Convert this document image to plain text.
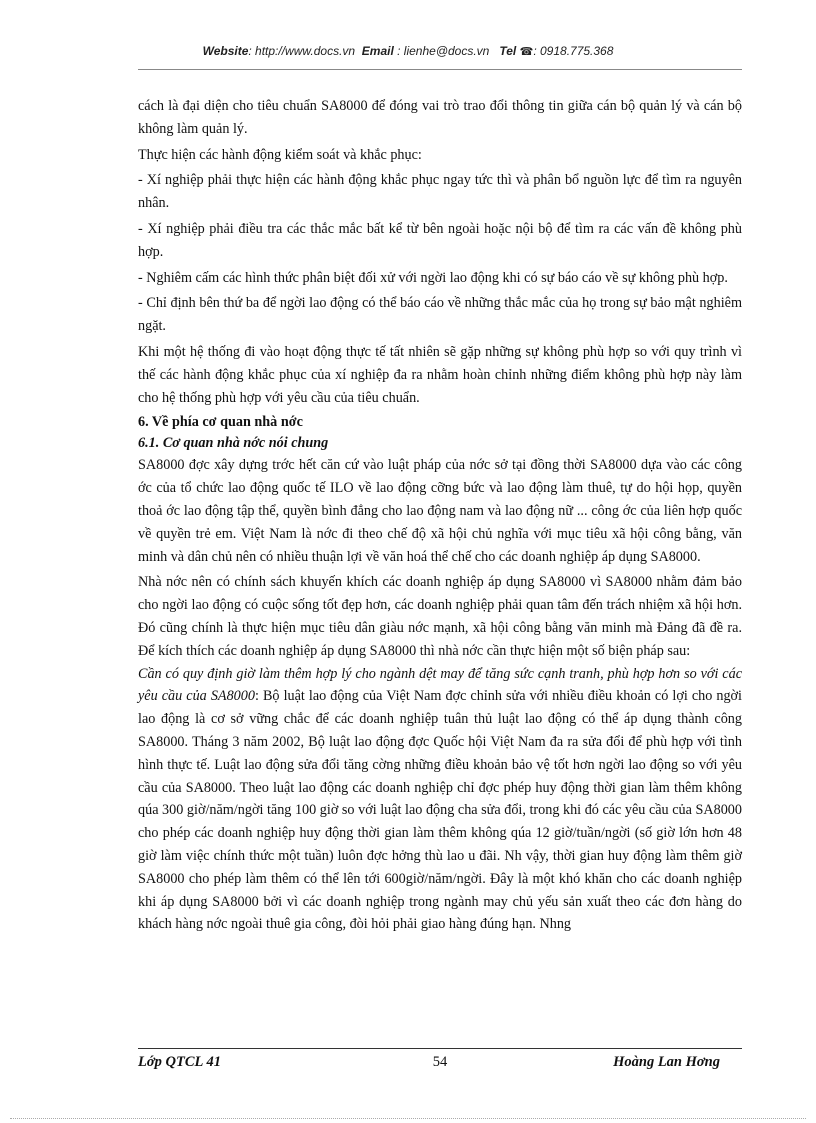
Website: http://www.docs.vn Email : lienhe@docs.vn Tel ☎: 0918.775.368

cách là đại diện cho tiêu chuẩn SA8000 để đóng vai trò trao đổi thông tin giữa cán bộ quản lý và cán bộ không làm quản lý.

Thực hiện các hành động kiểm soát và khắc phục:

- Xí nghiệp phải thực hiện các hành động khắc phục ngay tức thì và phân bổ nguồn lực để tìm ra nguyên nhân.

- Xí nghiệp phải điều tra các thắc mắc bất kể từ bên ngoài hoặc nội bộ để tìm ra các vấn đề không phù hợp.

- Nghiêm cấm các hình thức phân biệt đối xử với ngời lao động khi có sự báo cáo về sự không phù hợp.

- Chỉ định bên thứ ba để ngời lao động có thể báo cáo về những thắc mắc của họ trong sự bảo mật nghiêm ngặt.

Khi một hệ thống đi vào hoạt động thực tế tất nhiên sẽ gặp những sự không phù hợp so với quy trình vì thế các hành động khắc phục của xí nghiệp đa ra nhằm hoàn chỉnh những điểm không phù hợp này làm cho hệ thống phù hợp với yêu cầu của tiêu chuẩn.

6. Về phía cơ quan nhà nớc
6.1. Cơ quan nhà nớc nói chung

SA8000 đợc xây dựng trớc hết căn cứ vào luật pháp của nớc sở tại đồng thời SA8000 dựa vào các công ớc của tổ chức lao động quốc tế ILO về lao động cỡng bức và lao động làm thuê, tự do hội họp, quyền thoả ớc lao động tập thể, quyền bình đẳng cho lao động nam và lao động nữ ... công ớc của liên hợp quốc về quyền trẻ em. Việt Nam là nớc đi theo chế độ xã hội chủ nghĩa với mục tiêu xã hội công bằng, văn minh và dân chủ nên có nhiều thuận lợi về văn hoá thể chế cho các doanh nghiệp áp dụng SA8000.

Nhà nớc nên có chính sách khuyến khích các doanh nghiệp áp dụng SA8000 vì SA8000 nhằm đảm bảo cho ngời lao động có cuộc sống tốt đẹp hơn, các doanh nghiệp phải quan tâm đến trách nhiệm xã hội hơn. Đó cũng chính là thực hiện mục tiêu dân giàu nớc mạnh, xã hội công bằng văn minh mà Đảng đã đề ra. Để kích thích các doanh nghiệp áp dụng SA8000 thì nhà nớc cần thực hiện một số biện pháp sau:

Cần có quy định giờ làm thêm hợp lý cho ngành dệt may để tăng sức cạnh tranh, phù hợp hơn so với các yêu cầu của SA8000: Bộ luật lao động của Việt Nam đợc chỉnh sửa với nhiều điều khoản có lợi cho ngời lao động là cơ sở vững chắc để các doanh nghiệp tuân thủ luật lao động có thể áp dụng thành công SA8000. Tháng 3 năm 2002, Bộ luật lao động đợc Quốc hội Việt Nam đa ra sửa đổi để phù hợp với tình hình thực tế. Luật lao động sửa đổi tăng cờng những điều khoản bảo vệ tốt hơn ngời lao động so với yêu cầu của SA8000. Theo luật lao động các doanh nghiệp chỉ đợc phép huy động thời gian làm thêm không qúa 300 giờ/năm/ngời tăng 100 giờ so với luật lao động cha sửa đổi, trong khi đó các yêu cầu của SA8000 cho phép các doanh nghiệp huy động thời gian làm thêm không qúa 12 giờ/tuần/ngời (số giờ lớn hơn 48 giờ làm việc chính thức một tuần) luôn đợc hởng thù lao u đãi. Nh vậy, thời gian huy động làm thêm giờ SA8000 cho phép làm thêm có thể lên tới 600giờ/năm/ngời. Đây là một khó khăn cho các doanh nghiệp khi áp dụng SA8000 bởi vì các doanh nghiệp trong ngành may chủ yếu sản xuất theo các đơn hàng do khách hàng nớc ngoài thuê gia công, đòi hỏi phải giao hàng đúng hạn. Nhng

Lớp QTCL 41	54	Hoàng Lan Hơng
